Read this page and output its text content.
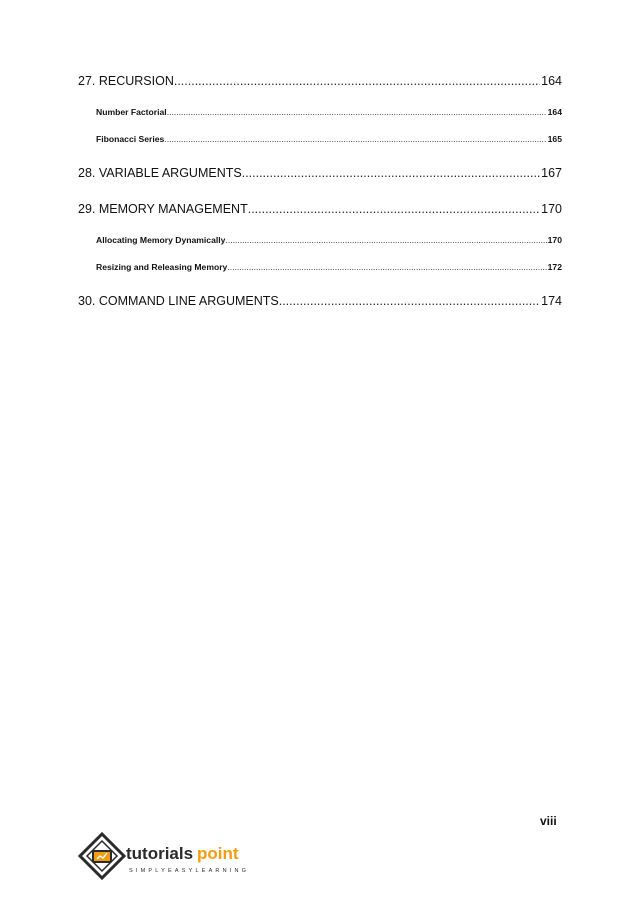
27. RECURSION .....	164
Number Factorial .....	164
Fibonacci Series .....	165
28. VARIABLE ARGUMENTS .....	167
29. MEMORY MANAGEMENT .....	170
Allocating Memory Dynamically .....	170
Resizing and Releasing Memory .....	172
30. COMMAND LINE ARGUMENTS .....	174
viii
tutorials point
SIMPLYEASYLEARNING
